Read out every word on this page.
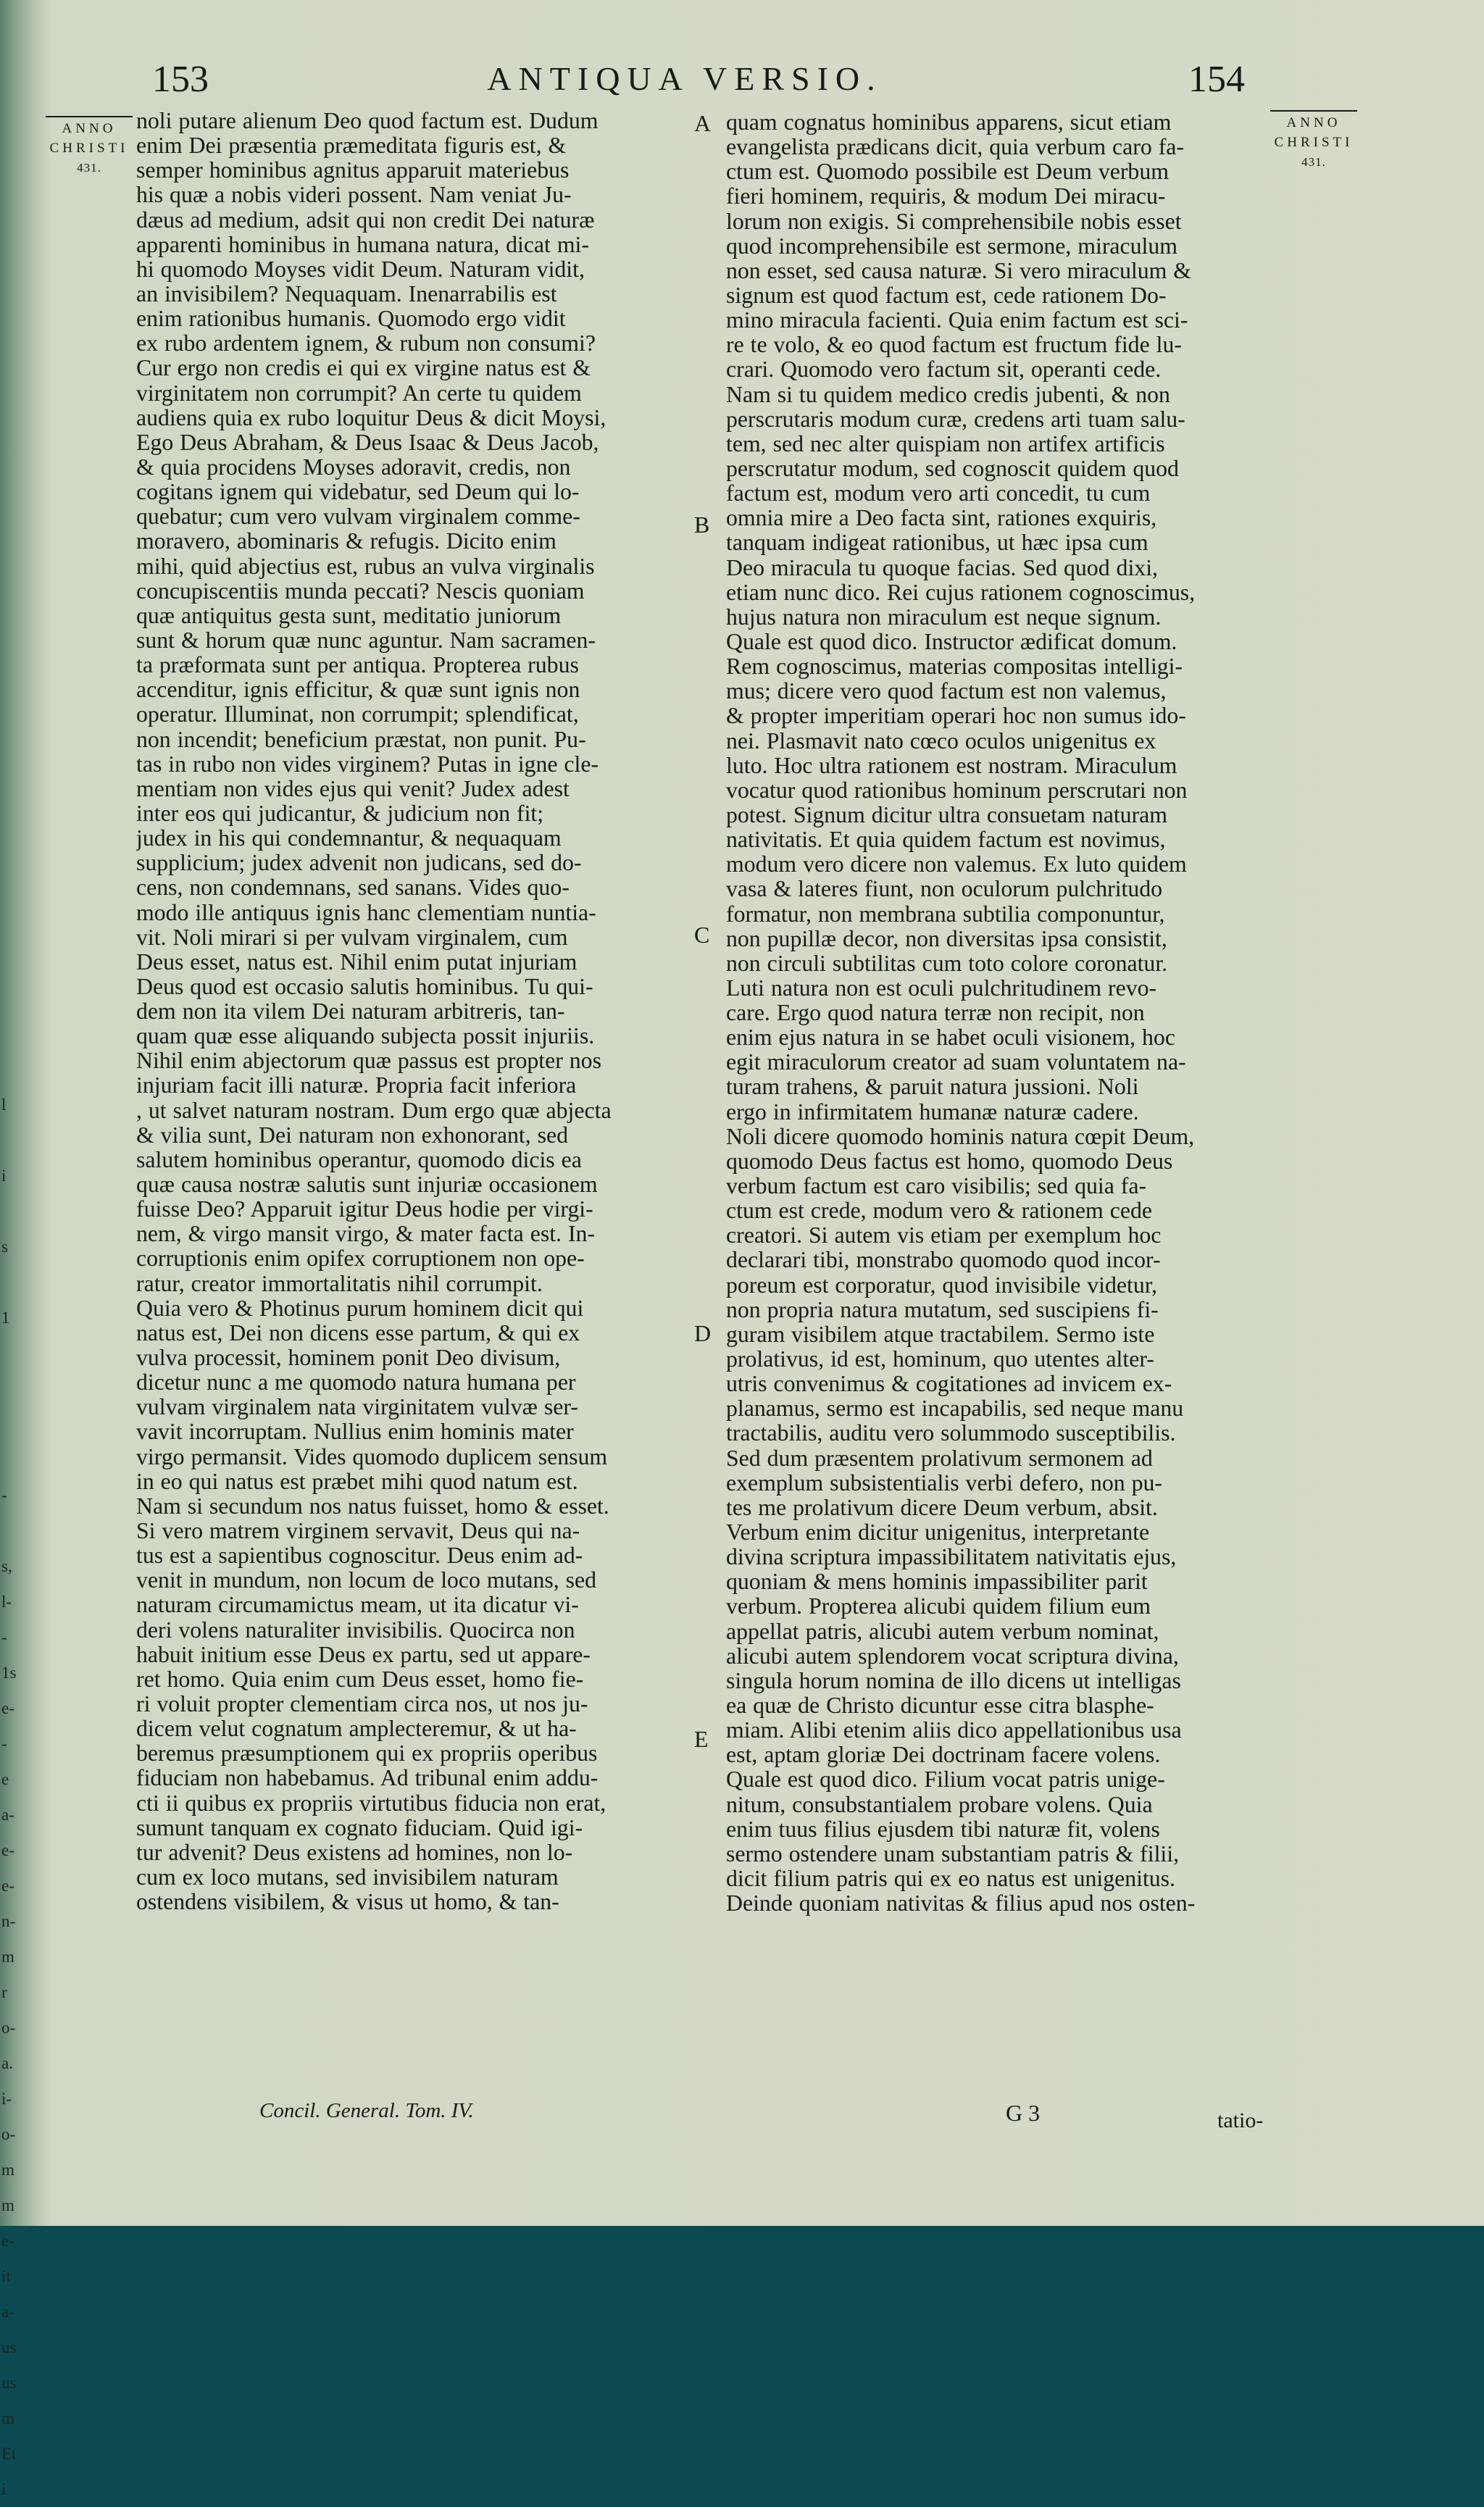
l

i

s

1

-

s,
l-
-
1s
e-
-
e
a-
e-
e-
n-
m
r
o-
a.
i-
o-
m
m
e-
it
a-
us
us
m
Et
i
153	ANTIQUA VERSIO.	154
ANNO
CHRISTI
431.
ANNO
CHRISTI
431.
noli putare alienum Deo quod factum est. Dudum
enim Dei præsentia præmeditata figuris est, &
semper hominibus agnitus apparuit materiebus
his quæ a nobis videri possent. Nam veniat Ju-
dæus ad medium, adsit qui non credit Dei naturæ
apparenti hominibus in humana natura, dicat mi-
hi quomodo Moyses vidit Deum. Naturam vidit,
an invisibilem? Nequaquam. Inenarrabilis est
enim rationibus humanis. Quomodo ergo vidit
ex rubo ardentem ignem, & rubum non consumi?
Cur ergo non credis ei qui ex virgine natus est &
virginitatem non corrumpit? An certe tu quidem
audiens quia ex rubo loquitur Deus & dicit Moysi,
Ego Deus Abraham, & Deus Isaac & Deus Jacob,
& quia procidens Moyses adoravit, credis, non
cogitans ignem qui videbatur, sed Deum qui lo-
quebatur; cum vero vulvam virginalem comme-
moravero, abominaris & refugis. Dicito enim
mihi, quid abjectius est, rubus an vulva virginalis
concupiscentiis munda peccati? Nescis quoniam
quæ antiquitus gesta sunt, meditatio juniorum
sunt & horum quæ nunc aguntur. Nam sacramen-
ta præformata sunt per antiqua. Propterea rubus
accenditur, ignis efficitur, & quæ sunt ignis non
operatur. Illuminat, non corrumpit; splendificat,
non incendit; beneficium præstat, non punit. Pu-
tas in rubo non vides virginem? Putas in igne cle-
mentiam non vides ejus qui venit? Judex adest
inter eos qui judicantur, & judicium non fit;
judex in his qui condemnantur, & nequaquam
supplicium; judex advenit non judicans, sed do-
cens, non condemnans, sed sanans. Vides quo-
modo ille antiquus ignis hanc clementiam nuntia-
vit. Noli mirari si per vulvam virginalem, cum
Deus esset, natus est. Nihil enim putat injuriam
Deus quod est occasio salutis hominibus. Tu qui-
dem non ita vilem Dei naturam arbitreris, tan-
quam quæ esse aliquando subjecta possit injuriis.
Nihil enim abjectorum quæ passus est propter nos
injuriam facit illi naturæ. Propria facit inferiora
, ut salvet naturam nostram. Dum ergo quæ abjecta
& vilia sunt, Dei naturam non exhonorant, sed
salutem hominibus operantur, quomodo dicis ea
quæ causa nostræ salutis sunt injuriæ occasionem
fuisse Deo? Apparuit igitur Deus hodie per virgi-
nem, & virgo mansit virgo, & mater facta est. In-
corruptionis enim opifex corruptionem non ope-
ratur, creator immortalitatis nihil corrumpit.
Quia vero & Photinus purum hominem dicit qui
natus est, Dei non dicens esse partum, & qui ex
vulva processit, hominem ponit Deo divisum,
dicetur nunc a me quomodo natura humana per
vulvam virginalem nata virginitatem vulvæ ser-
vavit incorruptam. Nullius enim hominis mater
virgo permansit. Vides quomodo duplicem sensum
in eo qui natus est præbet mihi quod natum est.
Nam si secundum nos natus fuisset, homo & esset.
Si vero matrem virginem servavit, Deus qui na-
tus est a sapientibus cognoscitur. Deus enim ad-
venit in mundum, non locum de loco mutans, sed
naturam circumamictus meam, ut ita dicatur vi-
deri volens naturaliter invisibilis. Quocirca non
habuit initium esse Deus ex partu, sed ut appare-
ret homo. Quia enim cum Deus esset, homo fie-
ri voluit propter clementiam circa nos, ut nos ju-
dicem velut cognatum amplecteremur, & ut ha-
beremus præsumptionem qui ex propriis operibus
fiduciam non habebamus. Ad tribunal enim addu-
cti ii quibus ex propriis virtutibus fiducia non erat,
sumunt tanquam ex cognato fiduciam. Quid igi-
tur advenit? Deus existens ad homines, non lo-
cum ex loco mutans, sed invisibilem naturam
ostendens visibilem, & visus ut homo, & tan-
quam cognatus hominibus apparens, sicut etiam
evangelista prædicans dicit, quia verbum caro fa-
ctum est. Quomodo possibile est Deum verbum
fieri hominem, requiris, & modum Dei miracu-
lorum non exigis. Si comprehensibile nobis esset
quod incomprehensibile est sermone, miraculum
non esset, sed causa naturæ. Si vero miraculum &
signum est quod factum est, cede rationem Do-
mino miracula facienti. Quia enim factum est sci-
re te volo, & eo quod factum est fructum fide lu-
crari. Quomodo vero factum sit, operanti cede.
Nam si tu quidem medico credis jubenti, & non
perscrutaris modum curæ, credens arti tuam salu-
tem, sed nec alter quispiam non artifex artificis
perscrutatur modum, sed cognoscit quidem quod
factum est, modum vero arti concedit, tu cum
omnia mire a Deo facta sint, rationes exquiris,
tanquam indigeat rationibus, ut hæc ipsa cum
Deo miracula tu quoque facias. Sed quod dixi,
etiam nunc dico. Rei cujus rationem cognoscimus,
hujus natura non miraculum est neque signum.
Quale est quod dico. Instructor ædificat domum.
Rem cognoscimus, materias compositas intelligi-
mus; dicere vero quod factum est non valemus,
& propter imperitiam operari hoc non sumus ido-
nei. Plasmavit nato cœco oculos unigenitus ex
luto. Hoc ultra rationem est nostram. Miraculum
vocatur quod rationibus hominum perscrutari non
potest. Signum dicitur ultra consuetam naturam
nativitatis. Et quia quidem factum est novimus,
modum vero dicere non valemus. Ex luto quidem
vasa & lateres fiunt, non oculorum pulchritudo
formatur, non membrana subtilia componuntur,
non pupillæ decor, non diversitas ipsa consistit,
non circuli subtilitas cum toto colore coronatur.
Luti natura non est oculi pulchritudinem revo-
care. Ergo quod natura terræ non recipit, non
enim ejus natura in se habet oculi visionem, hoc
egit miraculorum creator ad suam voluntatem na-
turam trahens, & paruit natura jussioni. Noli
ergo in infirmitatem humanæ naturæ cadere.
Noli dicere quomodo hominis natura cœpit Deum,
quomodo Deus factus est homo, quomodo Deus
verbum factum est caro visibilis; sed quia fa-
ctum est crede, modum vero & rationem cede
creatori. Si autem vis etiam per exemplum hoc
declarari tibi, monstrabo quomodo quod incor-
poreum est corporatur, quod invisibile videtur,
non propria natura mutatum, sed suscipiens fi-
guram visibilem atque tractabilem. Sermo iste
prolativus, id est, hominum, quo utentes alter-
utris convenimus & cogitationes ad invicem ex-
planamus, sermo est incapabilis, sed neque manu
tractabilis, auditu vero solummodo susceptibilis.
Sed dum præsentem prolativum sermonem ad
exemplum subsistentialis verbi defero, non pu-
tes me prolativum dicere Deum verbum, absit.
Verbum enim dicitur unigenitus, interpretante
divina scriptura impassibilitatem nativitatis ejus,
quoniam & mens hominis impassibiliter parit
verbum. Propterea alicubi quidem filium eum
appellat patris, alicubi autem verbum nominat,
alicubi autem splendorem vocat scriptura divina,
singula horum nomina de illo dicens ut intelligas
ea quæ de Christo dicuntur esse citra blasphe-
miam. Alibi etenim aliis dico appellationibus usa
est, aptam gloriæ Dei doctrinam facere volens.
Quale est quod dico. Filium vocat patris unige-
nitum, consubstantialem probare volens. Quia
enim tuus filius ejusdem tibi naturæ fit, volens
sermo ostendere unam substantiam patris & filii,
dicit filium patris qui ex eo natus est unigenitus.
Deinde quoniam nativitas & filius apud nos osten-
A
B
C
D
E
Concil. General. Tom. IV.	G 3	tatio-
